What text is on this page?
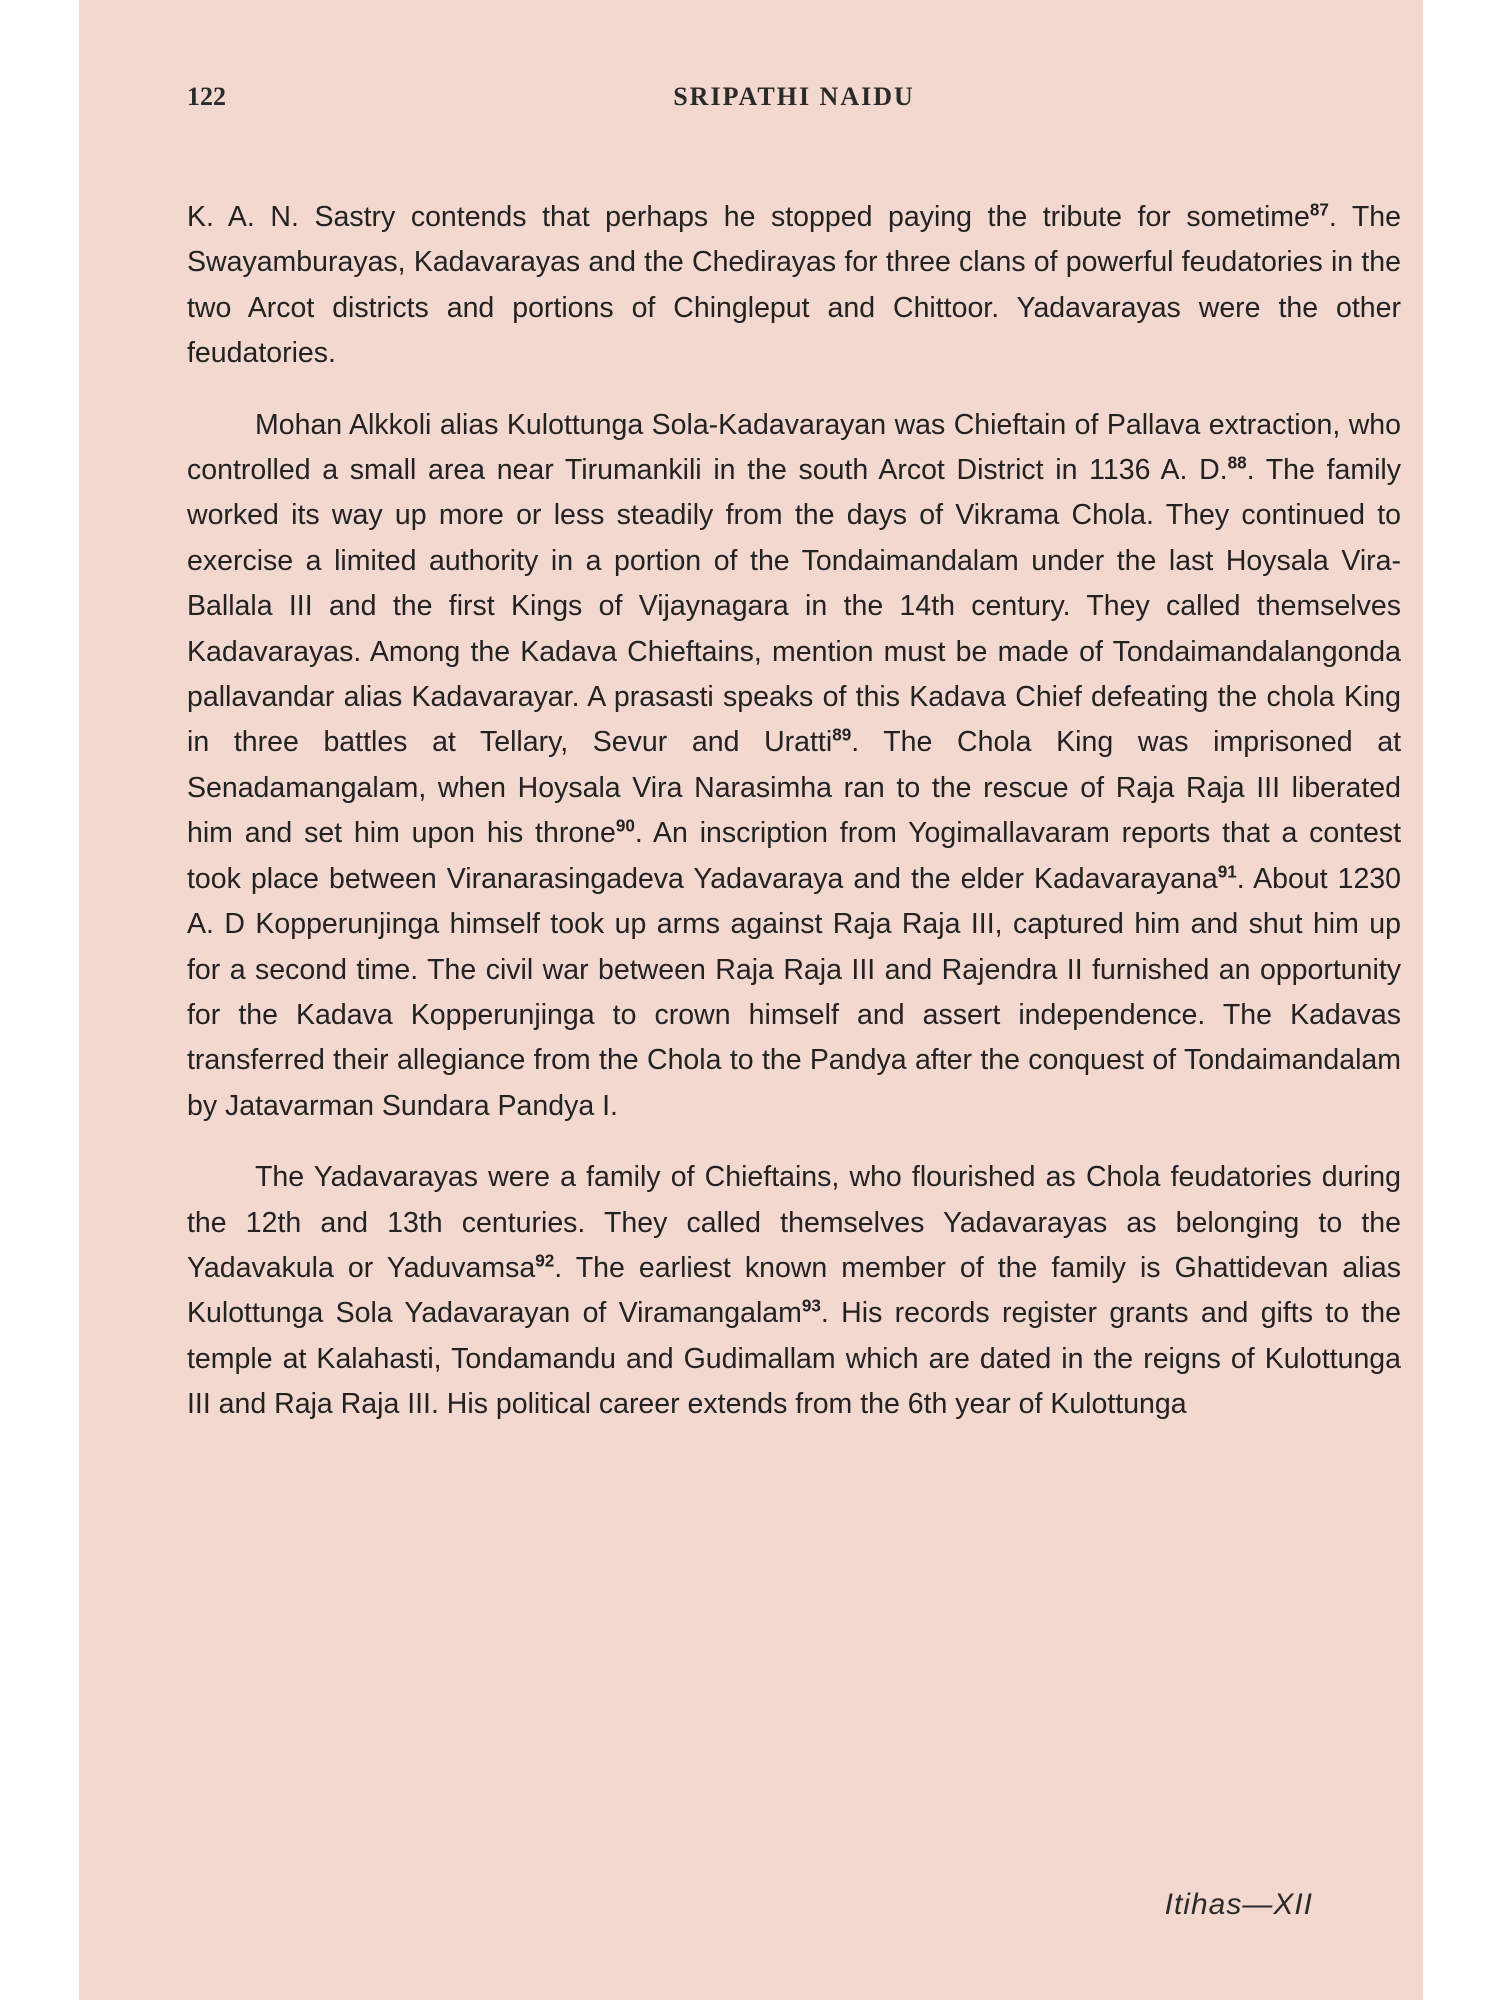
122	SRIPATHI NAIDU

K. A. N. Sastry contends that perhaps he stopped paying the tribute for sometime$^{87}$. The Swayamburayas, Kadavarayas and the Chedirayas for three clans of powerful feudatories in the two Arcot districts and portions of Chingleput and Chittoor. Yadavarayas were the other feudatories.

Mohan Alkkoli alias Kulottunga Sola-Kadavarayan was Chieftain of Pallava extraction, who controlled a small area near Tirumankili in the south Arcot District in 1136 A. D.$^{88}$. The family worked its way up more or less steadily from the days of Vikrama Chola. They continued to exercise a limited authority in a portion of the Tondaimandalam under the last Hoysala Vira-Ballala III and the first Kings of Vijaynagara in the 14th century. They called themselves Kadavarayas. Among the Kadava Chieftains, mention must be made of Tondaimandalangonda pallavandar alias Kadavarayar. A prasasti speaks of this Kadava Chief defeating the chola King in three battles at Tellary, Sevur and Uratti$^{89}$. The Chola King was imprisoned at Senadamangalam, when Hoysala Vira Narasimha ran to the rescue of Raja Raja III liberated him and set him upon his throne$^{90}$. An inscription from Yogimallavaram reports that a contest took place between Viranarasingadeva Yadavaraya and the elder Kadavarayana$^{91}$. About 1230 A. D Kopperunjinga himself took up arms against Raja Raja III, captured him and shut him up for a second time. The civil war between Raja Raja III and Rajendra II furnished an opportunity for the Kadava Kopperunjinga to crown himself and assert independence. The Kadavas transferred their allegiance from the Chola to the Pandya after the conquest of Tondaimandalam by Jatavarman Sundara Pandya I.

The Yadavarayas were a family of Chieftains, who flourished as Chola feudatories during the 12th and 13th centuries. They called themselves Yadavarayas as belonging to the Yadavakula or Yaduvamsa$^{92}$. The earliest known member of the family is Ghattidevan alias Kulottunga Sola Yadavarayan of Viramangalam$^{93}$. His records register grants and gifts to the temple at Kalahasti, Tondamandu and Gudimallam which are dated in the reigns of Kulottunga III and Raja Raja III. His political career extends from the 6th year of Kulottunga

Itihas—XII
